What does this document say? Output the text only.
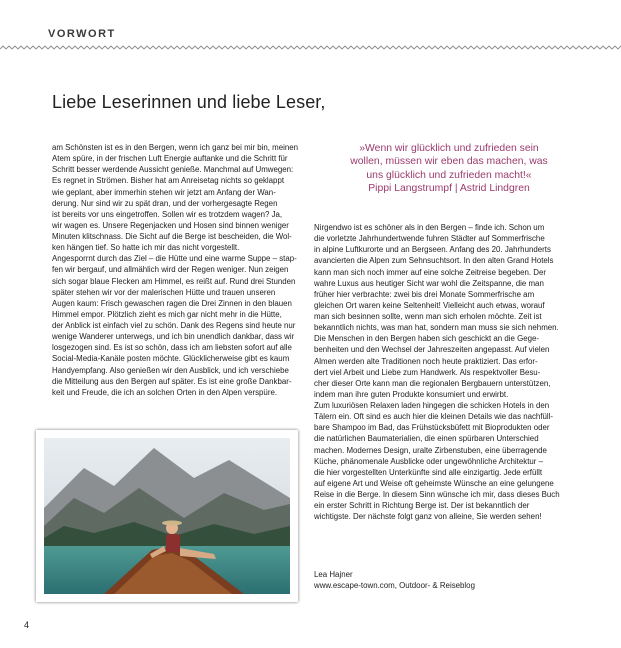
VORWORT
Liebe Leserinnen und liebe Leser,

am Schönsten ist es in den Bergen, wenn ich ganz bei mir bin, meinen

Atem spüre, in der frischen Luft Energie auftanke und die Schritt für

Schritt besser werdende Aussicht genieße. Manchmal auf Umwegen:

Es regnet in Strömen. Bisher hat am Anreisetag nichts so geklappt

wie geplant, aber immerhin stehen wir jetzt am Anfang der Wan-

derung. Nur sind wir zu spät dran, und der vorhergesagte Regen

ist bereits vor uns eingetroffen. Sollen wir es trotzdem wagen? Ja,

wir wagen es. Unsere Regenjacken und Hosen sind binnen weniger

Minuten klitschnass. Die Sicht auf die Berge ist bescheiden, die Wol-

ken hängen tief. So hatte ich mir das nicht vorgestellt.

Angesporrnt durch das Ziel – die Hütte und eine warme Suppe – stap-

fen wir bergauf, und allmählich wird der Regen weniger. Nun zeigen

sich sogar blaue Flecken am Himmel, es reißt auf. Rund drei Stunden

später stehen wir vor der malerischen Hütte und trauen unseren

Augen kaum: Frisch gewaschen ragen die Drei Zinnen in den blauen

Himmel empor. Plötzlich zieht es mich gar nicht mehr in die Hütte,

der Anblick ist einfach viel zu schön. Dank des Regens sind heute nur

wenige Wanderer unterwegs, und ich bin unendlich dankbar, dass wir

losgezogen sind. Es ist so schön, dass ich am liebsten sofort auf alle

Social-Media-Kanäle posten möchte. Glücklicherweise gibt es kaum

Handyempfang. Also genießen wir den Ausblick, und ich verschiebe

die Mitteilung aus den Bergen auf später. Es ist eine große Dankbar-

keit und Freude, die ich an solchen Orten in den Alpen verspüre.

»Wenn wir glücklich und zufrieden sein

wollen, müssen wir eben das machen, was

uns glücklich und zufrieden macht!«

Pippi Langstrumpf | Astrid Lindgren

Nirgendwo ist es schöner als in den Bergen – finde ich. Schon um

die vorletzte Jahrhundertwende fuhren Städter auf Sommerfrische

in alpine Luftkurorte und an Bergseen. Anfang des 20. Jahrhunderts

avancierten die Alpen zum Sehnsuchtsort. In den alten Grand Hotels

kann man sich noch immer auf eine solche Zeitreise begeben. Der

wahre Luxus aus heutiger Sicht war wohl die Zeitspanne, die man

früher hier verbrachte: zwei bis drei Monate Sommerfrische am

gleichen Ort waren keine Seltenheit! Vielleicht auch etwas, worauf

man sich besinnen sollte, wenn man sich erholen möchte. Zeit ist

bekanntlich nichts, was man hat, sondern man muss sie sich nehmen.

Die Menschen in den Bergen haben sich geschickt an die Gege-

benheiten und den Wechsel der Jahreszeiten angepasst. Auf vielen

Almen werden alte Traditionen noch heute praktiziert. Das erfor-

dert viel Arbeit und Liebe zum Handwerk. Als respektvoller Besu-

cher dieser Orte kann man die regionalen Bergbauern unterstützen,

indem man ihre guten Produkte konsumiert und erwirbt.

Zum luxuriösen Relaxen laden hingegen die schicken Hotels in den

Tälern ein. Oft sind es auch hier die kleinen Details wie das nachfüll-

bare Shampoo im Bad, das Frühstücksbüfett mit Bioprodukten oder

die natürlichen Baumaterialien, die einen spürbaren Unterschied

machen. Modernes Design, uralte Zirbenstuben, eine überragende

Küche, phänomenale Ausblicke oder ungewöhnliche Architektur –

die hier vorgestellten Unterkünfte sind alle einzigartig. Jede erfüllt

auf eigene Art und Weise oft geheimste Wünsche an eine gelungene

Reise in die Berge. In diesem Sinn wünsche ich mir, dass dieses Buch

ein erster Schritt in Richtung Berge ist. Der ist bekanntlich der

wichtigste. Der nächste folgt ganz von alleine, Sie werden sehen!

Lea Hajner

www.escape-town.com, Outdoor- & Reiseblog

4
